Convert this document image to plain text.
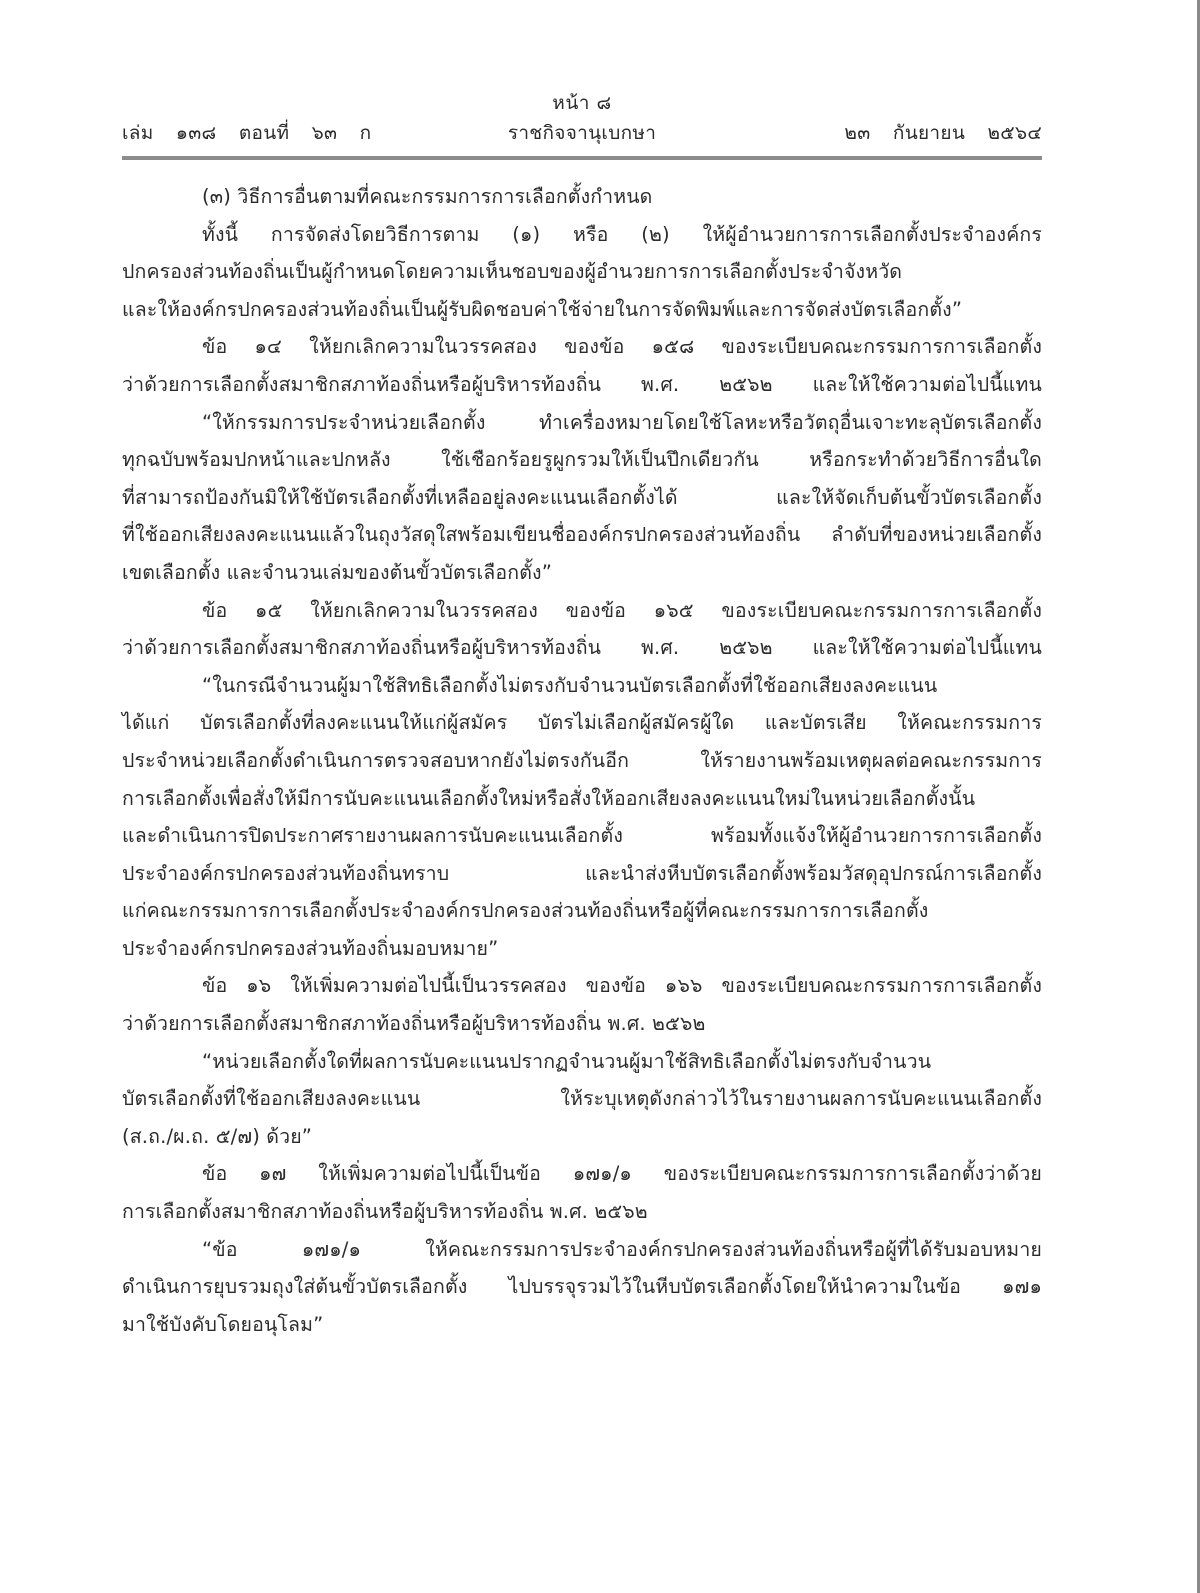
หน้า ๘
เล่ม ๑๓๘ ตอนที่ ๖๓ ก	ราชกิจจานุเบกษา	๒๓ กันยายน ๒๕๖๔
(๓) วิธีการอื่นตามที่คณะกรรมการการเลือกตั้งกำหนด
ทั้งนี้ การจัดส่งโดยวิธีการตาม (๑) หรือ (๒) ให้ผู้อำนวยการการเลือกตั้งประจำองค์กร
ปกครองส่วนท้องถิ่นเป็นผู้กำหนดโดยความเห็นชอบของผู้อำนวยการการเลือกตั้งประจำจังหวัด
และให้องค์กรปกครองส่วนท้องถิ่นเป็นผู้รับผิดชอบค่าใช้จ่ายในการจัดพิมพ์และการจัดส่งบัตรเลือกตั้ง”
ข้อ ๑๔ ให้ยกเลิกความในวรรคสอง ของข้อ ๑๕๘ ของระเบียบคณะกรรมการการเลือกตั้ง
ว่าด้วยการเลือกตั้งสมาชิกสภาท้องถิ่นหรือผู้บริหารท้องถิ่น พ.ศ. ๒๕๖๒ และให้ใช้ความต่อไปนี้แทน
“ให้กรรมการประจำหน่วยเลือกตั้ง ทำเครื่องหมายโดยใช้โลหะหรือวัตถุอื่นเจาะทะลุบัตรเลือกตั้ง
ทุกฉบับพร้อมปกหน้าและปกหลัง ใช้เชือกร้อยรูผูกรวมให้เป็นปึกเดียวกัน หรือกระทำด้วยวิธีการอื่นใด
ที่สามารถป้องกันมิให้ใช้บัตรเลือกตั้งที่เหลืออยู่ลงคะแนนเลือกตั้งได้ และให้จัดเก็บต้นขั้วบัตรเลือกตั้ง
ที่ใช้ออกเสียงลงคะแนนแล้วในถุงวัสดุใสพร้อมเขียนชื่อองค์กรปกครองส่วนท้องถิ่น ลำดับที่ของหน่วยเลือกตั้ง
เขตเลือกตั้ง และจำนวนเล่มของต้นขั้วบัตรเลือกตั้ง”
ข้อ ๑๕ ให้ยกเลิกความในวรรคสอง ของข้อ ๑๖๕ ของระเบียบคณะกรรมการการเลือกตั้ง
ว่าด้วยการเลือกตั้งสมาชิกสภาท้องถิ่นหรือผู้บริหารท้องถิ่น พ.ศ. ๒๕๖๒ และให้ใช้ความต่อไปนี้แทน
“ในกรณีจำนวนผู้มาใช้สิทธิเลือกตั้งไม่ตรงกับจำนวนบัตรเลือกตั้งที่ใช้ออกเสียงลงคะแนน
ได้แก่ บัตรเลือกตั้งที่ลงคะแนนให้แก่ผู้สมัคร บัตรไม่เลือกผู้สมัครผู้ใด และบัตรเสีย ให้คณะกรรมการ
ประจำหน่วยเลือกตั้งดำเนินการตรวจสอบหากยังไม่ตรงกันอีก ให้รายงานพร้อมเหตุผลต่อคณะกรรมการ
การเลือกตั้งเพื่อสั่งให้มีการนับคะแนนเลือกตั้งใหม่หรือสั่งให้ออกเสียงลงคะแนนใหม่ในหน่วยเลือกตั้งนั้น
และดำเนินการปิดประกาศรายงานผลการนับคะแนนเลือกตั้ง พร้อมทั้งแจ้งให้ผู้อำนวยการการเลือกตั้ง
ประจำองค์กรปกครองส่วนท้องถิ่นทราบ และนำส่งหีบบัตรเลือกตั้งพร้อมวัสดุอุปกรณ์การเลือกตั้ง
แก่คณะกรรมการการเลือกตั้งประจำองค์กรปกครองส่วนท้องถิ่นหรือผู้ที่คณะกรรมการการเลือกตั้ง
ประจำองค์กรปกครองส่วนท้องถิ่นมอบหมาย”
ข้อ ๑๖ ให้เพิ่มความต่อไปนี้เป็นวรรคสอง ของข้อ ๑๖๖ ของระเบียบคณะกรรมการการเลือกตั้ง
ว่าด้วยการเลือกตั้งสมาชิกสภาท้องถิ่นหรือผู้บริหารท้องถิ่น พ.ศ. ๒๕๖๒
“หน่วยเลือกตั้งใดที่ผลการนับคะแนนปรากฏจำนวนผู้มาใช้สิทธิเลือกตั้งไม่ตรงกับจำนวน
บัตรเลือกตั้งที่ใช้ออกเสียงลงคะแนน ให้ระบุเหตุดังกล่าวไว้ในรายงานผลการนับคะแนนเลือกตั้ง
(ส.ถ./ผ.ถ. ๕/๗) ด้วย”
ข้อ ๑๗ ให้เพิ่มความต่อไปนี้เป็นข้อ ๑๗๑/๑ ของระเบียบคณะกรรมการการเลือกตั้งว่าด้วย
การเลือกตั้งสมาชิกสภาท้องถิ่นหรือผู้บริหารท้องถิ่น พ.ศ. ๒๕๖๒
“ข้อ ๑๗๑/๑ ให้คณะกรรมการประจำองค์กรปกครองส่วนท้องถิ่นหรือผู้ที่ได้รับมอบหมาย
ดำเนินการยุบรวมถุงใส่ต้นขั้วบัตรเลือกตั้ง ไปบรรจุรวมไว้ในหีบบัตรเลือกตั้งโดยให้นำความในข้อ ๑๗๑
มาใช้บังคับโดยอนุโลม”
